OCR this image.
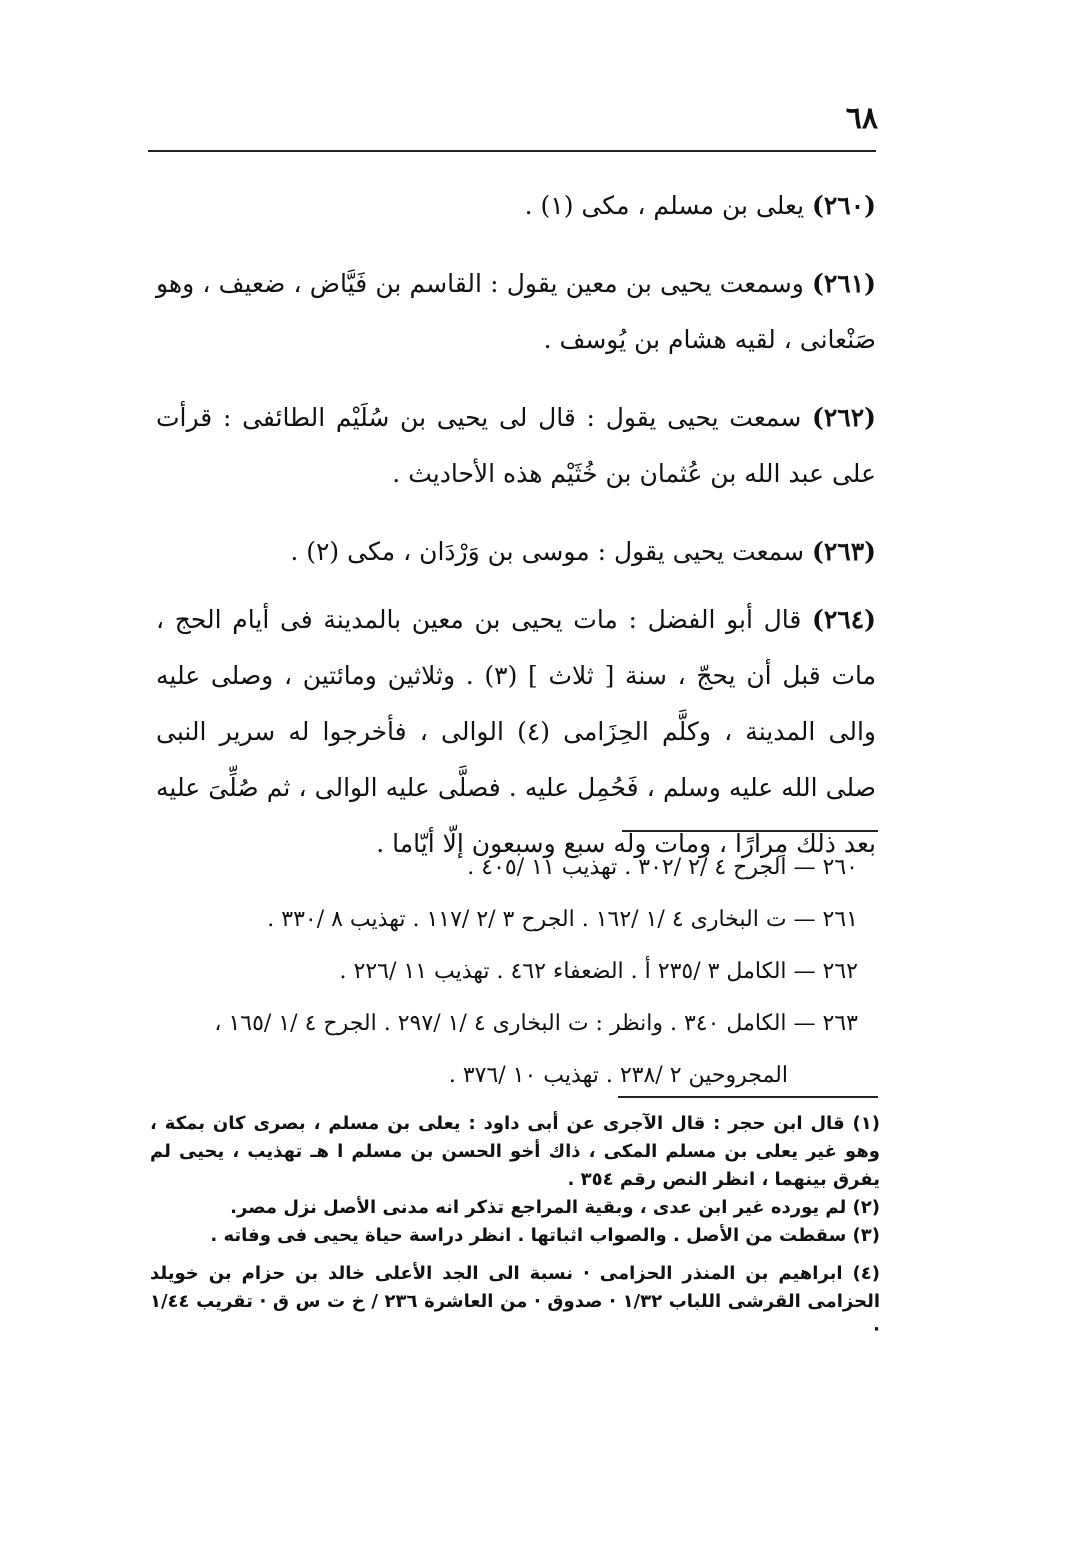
٦٨

(٢٦٠) يعلى بن مسلم ، مكى (١) .

(٢٦١) وسمعت يحيى بن معين يقول : القاسم بن فَيَّاض ، ضعيف ، وهو صَنْعانى ، لقيه هشام بن يُوسف .

(٢٦٢) سمعت يحيى يقول : قال لى يحيى بن سُلَيْم الطائفى : قرأت على عبد الله بن عُثمان بن خُثَيْم هذه الأحاديث .

(٢٦٣) سمعت يحيى يقول : موسى بن وَرْدَان ، مكى (٢) .

(٢٦٤) قال أبو الفضل : مات يحيى بن معين بالمدينة فى أيام الحج ، مات قبل أن يحجّ ، سنة [ ثلاث ] (٣) . وثلاثين ومائتين ، وصلى عليه والى المدينة ، وكلَّم الحِزَامى (٤) الوالى ، فأخرجوا له سرير النبى صلى الله عليه وسلم ، فَحُمِل عليه . فصلَّى عليه الوالى ، ثم صُلِّىَ عليه بعد ذلك مِرارًا ، ومات وله سبع وسبعون إلّا أيّاما .

٢٦٠ — الجرح ٤ /٢ /٣٠٢ . تهذيب ١١ /٤٠٥ .

٢٦١ — ت البخارى ٤ /١ /١٦٢ . الجرح ٣ /٢ /١١٧ . تهذيب ٨ /٣٣٠ .

٢٦٢ — الكامل ٣ /٢٣٥ أ . الضعفاء ٤٦٢ . تهذيب ١١ /٢٢٦ .

٢٦٣ — الكامل ٣٤٠ . وانظر : ت البخارى ٤ /١ /٢٩٧ . الجرح ٤ /١ /١٦٥ ،
المجروحين ٢ /٢٣٨ . تهذيب ١٠ /٣٧٦ .

(١) قال ابن حجر : قال الآجرى عن أبى داود : يعلى بن مسلم ، بصرى كان بمكة ، وهو غير يعلى بن مسلم المكى ، ذاك أخو الحسن بن مسلم ا هـ تهذيب ، يحيى لم يفرق بينهما ، انظر النص رقم ٣٥٤ .

(٢) لم يورده غير ابن عدى ، وبقية المراجع تذكر انه مدنى الأصل نزل مصر.

(٣) سقطت من الأصل . والصواب اثباتها . انظر دراسة حياة يحيى فى وفاته .

(٤) ابراهيم بن المنذر الحزامى · نسبة الى الجد الأعلى خالد بن حزام بن خويلد الحزامى القرشى اللباب ١/٣٢ · صدوق · من العاشرة ٢٣٦ / خ ت س ق · تقريب ١/٤٤ ·
